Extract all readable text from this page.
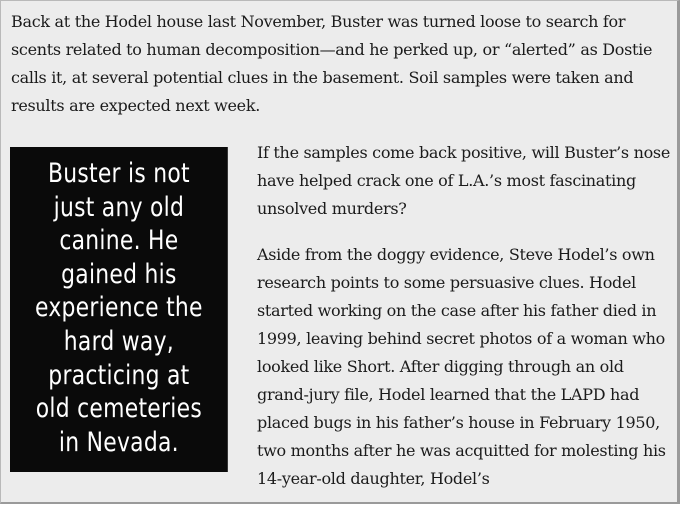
Back at the Hodel house last November, Buster was turned loose to search for scents related to human decomposition—and he perked up, or “alerted” as Dostie calls it, at several potential clues in the basement. Soil samples were taken and results are expected next week.

Buster is not
just any old
canine. He
gained his
experience the
hard way,
practicing at
old cemeteries
in Nevada.

If the samples come back positive, will Buster’s nose have helped crack one of L.A.’s most fascinating unsolved murders?

Aside from the doggy evidence, Steve Hodel’s own research points to some persuasive clues. Hodel started working on the case after his father died in 1999, leaving behind secret photos of a woman who looked like Short. After digging through an old grand-jury file, Hodel learned that the LAPD had placed bugs in his father’s house in February 1950, two months after he was acquitted for molesting his 14-year-old daughter, Hodel’s
